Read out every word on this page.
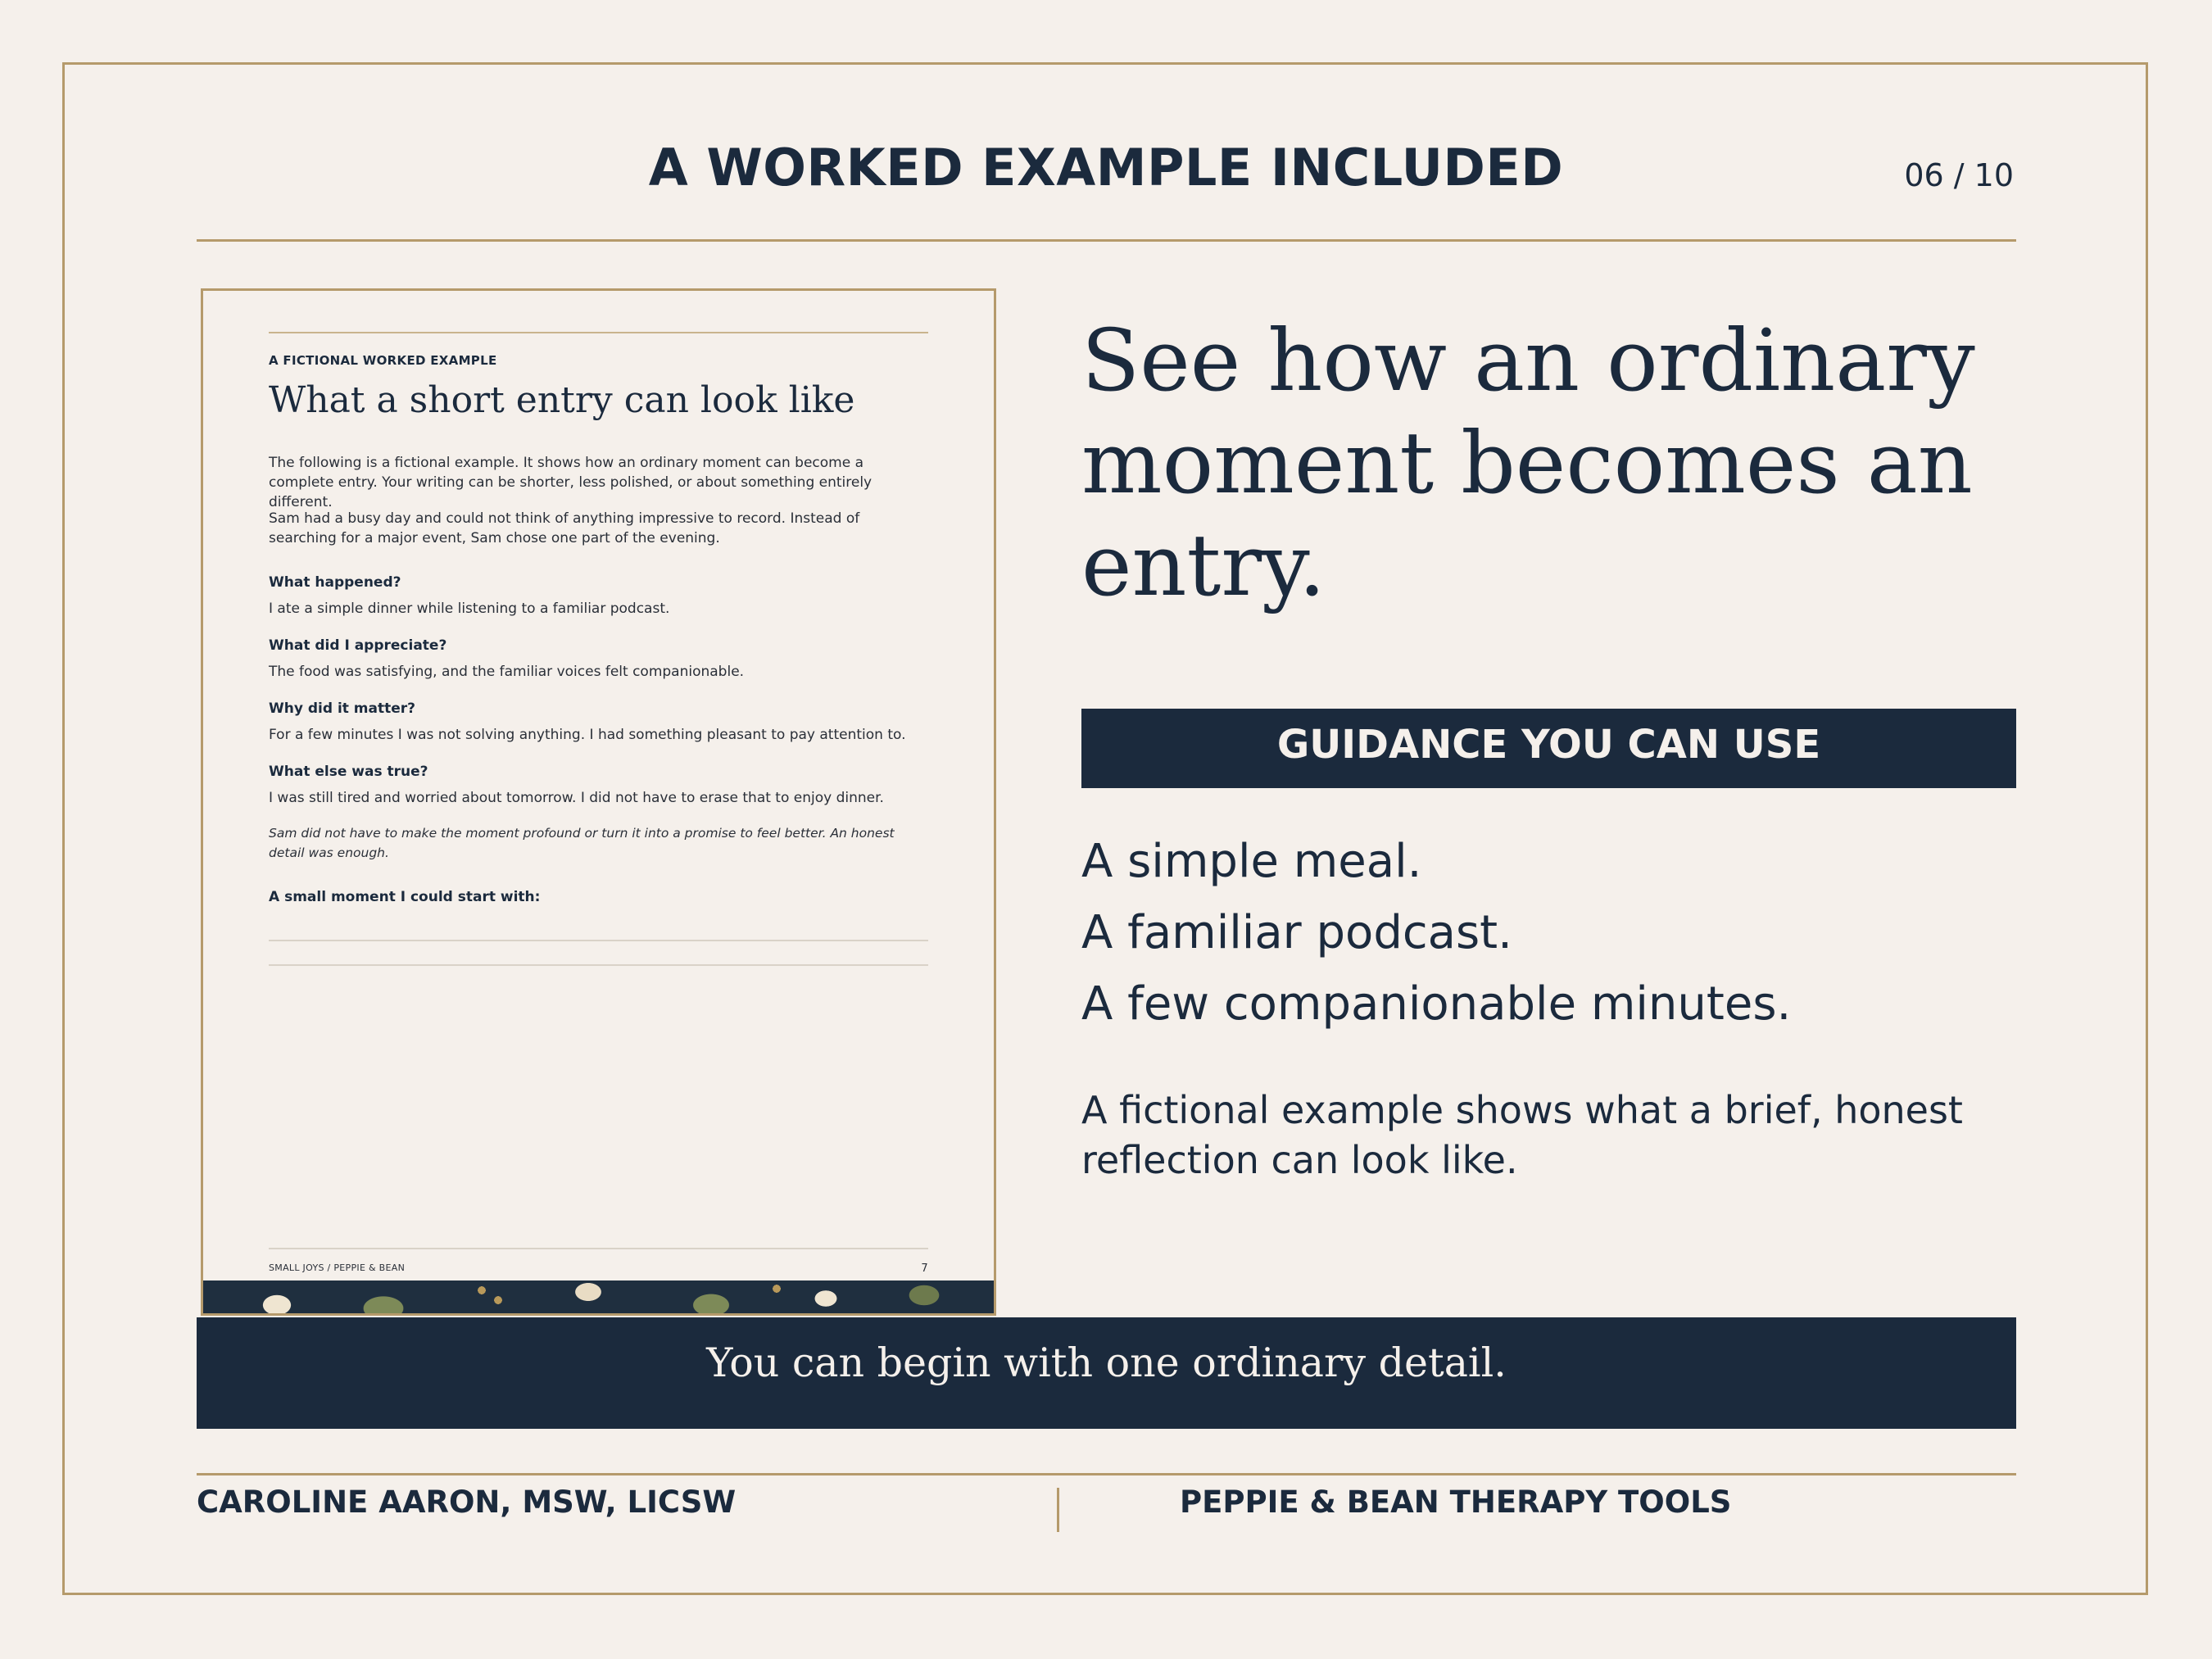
A WORKED EXAMPLE INCLUDED	06 / 10
A FICTIONAL WORKED EXAMPLE
What a short entry can look like

The following is a fictional example. It shows how an ordinary moment can become a complete entry. Your writing can be shorter, less polished, or about something entirely different.

Sam had a busy day and could not think of anything impressive to record. Instead of searching for a major event, Sam chose one part of the evening.

What happened?

I ate a simple dinner while listening to a familiar podcast.

What did I appreciate?

The food was satisfying, and the familiar voices felt companionable.

Why did it matter?

For a few minutes I was not solving anything. I had something pleasant to pay attention to.

What else was true?

I was still tired and worried about tomorrow. I did not have to erase that to enjoy dinner.

Sam did not have to make the moment profound or turn it into a promise to feel better. An honest detail was enough.

A small moment I could start with:

SMALL JOYS / PEPPIE & BEAN	7
See how an ordinary moment becomes an entry.
GUIDANCE YOU CAN USE
A simple meal.
A familiar podcast.
A few companionable minutes.
A fictional example shows what a brief, honest reflection can look like.
You can begin with one ordinary detail.
CAROLINE AARON, MSW, LICSW	PEPPIE & BEAN THERAPY TOOLS
